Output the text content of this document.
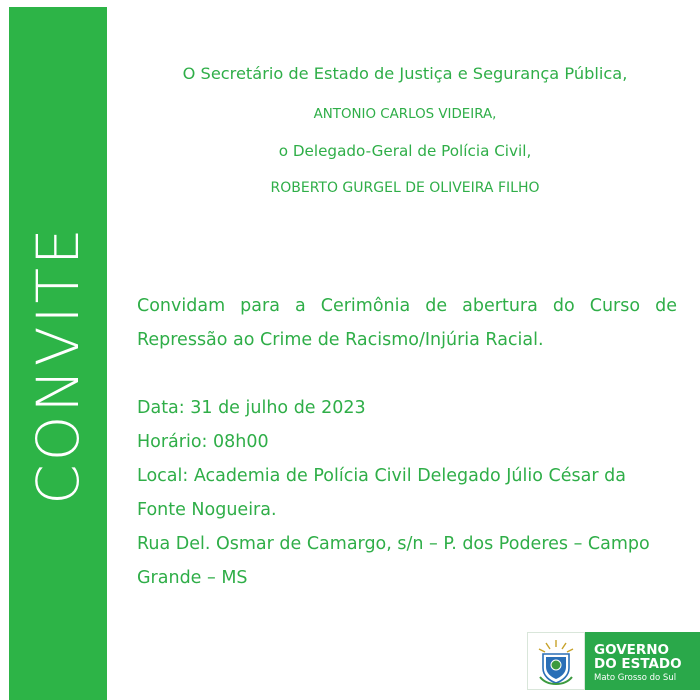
CONVITE
O Secretário de Estado de Justiça e Segurança Pública,
ANTONIO CARLOS VIDEIRA,
o Delegado-Geral de Polícia Civil,
ROBERTO GURGEL DE OLIVEIRA FILHO
Convidam para a Cerimônia de abertura do Curso de
Repressão ao Crime de Racismo/Injúria Racial.
Data: 31 de julho de 2023
Horário: 08h00
Local: Academia de Polícia Civil Delegado Júlio César da
Fonte Nogueira.
Rua Del. Osmar de Camargo, s/n – P. dos Poderes – Campo
Grande – MS
GOVERNO
DO ESTADO
Mato Grosso do Sul
